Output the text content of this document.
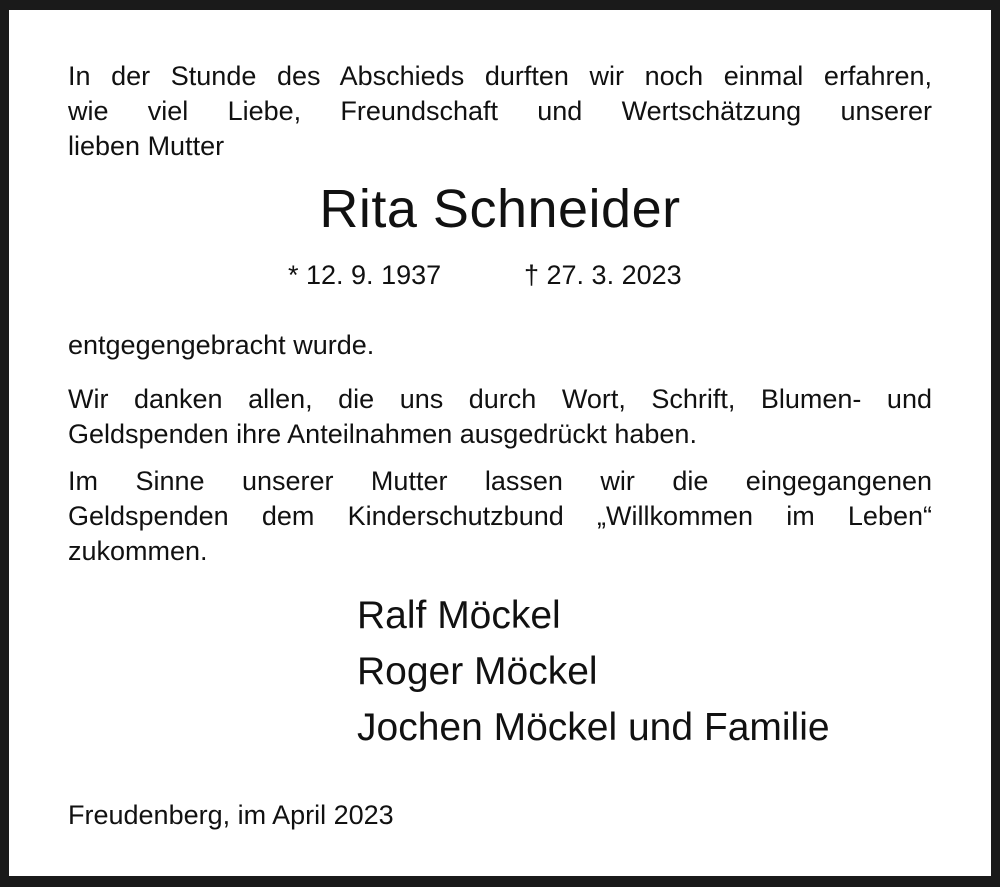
In der Stunde des Abschieds durften wir noch einmal erfahren,
wie viel Liebe, Freundschaft und Wertschätzung unserer
lieben Mutter
Rita Schneider
* 12. 9. 1937	† 27. 3. 2023
entgegengebracht wurde.
Wir danken allen, die uns durch Wort, Schrift, Blumen- und
Geldspenden ihre Anteilnahmen ausgedrückt haben.
Im Sinne unserer Mutter lassen wir die eingegangenen
Geldspenden dem Kinderschutzbund „Willkommen im Leben“
zukommen.
Ralf Möckel
Roger Möckel
Jochen Möckel und Familie
Freudenberg, im April 2023
